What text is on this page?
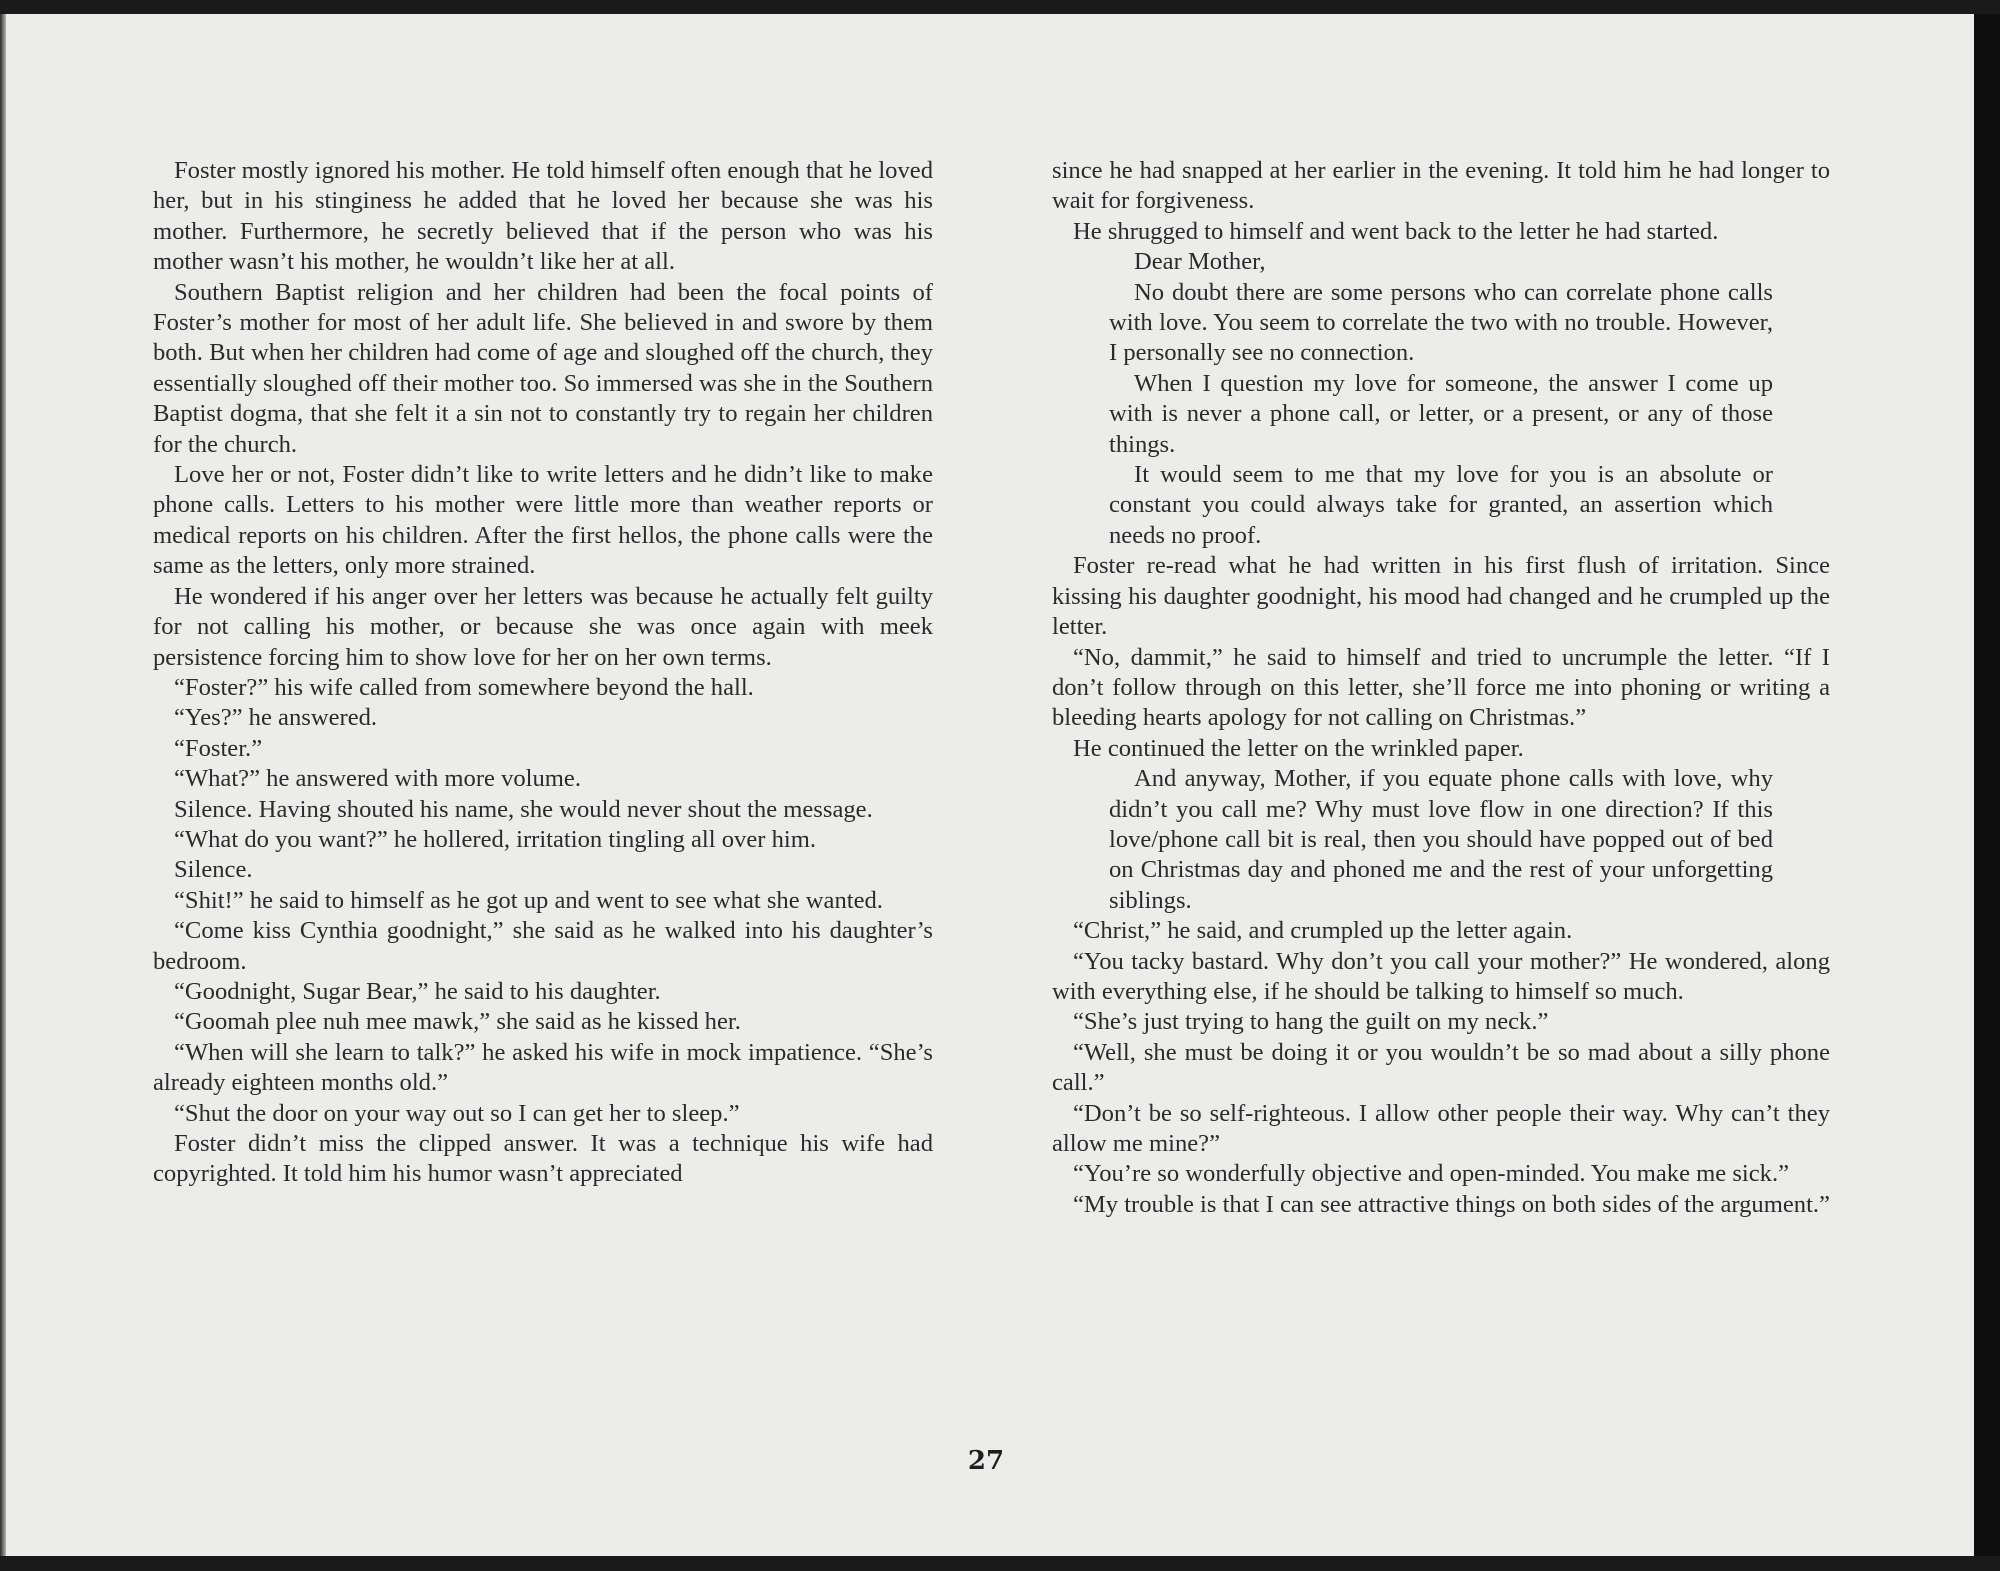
Foster mostly ignored his mother. He told himself often enough that he loved her, but in his stinginess he added that he loved her because she was his mother. Furthermore, he secretly believed that if the person who was his mother wasn’t his mother, he wouldn’t like her at all.

Southern Baptist religion and her children had been the focal points of Foster’s mother for most of her adult life. She believed in and swore by them both. But when her children had come of age and sloughed off the church, they essentially sloughed off their mother too. So immersed was she in the Southern Baptist dogma, that she felt it a sin not to constantly try to regain her children for the church.

Love her or not, Foster didn’t like to write letters and he didn’t like to make phone calls. Letters to his mother were little more than weather reports or medical reports on his children. After the first hellos, the phone calls were the same as the letters, only more strained.

He wondered if his anger over her letters was because he actually felt guilty for not calling his mother, or because she was once again with meek persistence forcing him to show love for her on her own terms.

“Foster?” his wife called from somewhere beyond the hall.

“Yes?” he answered.

“Foster.”

“What?” he answered with more volume.

Silence. Having shouted his name, she would never shout the message.

“What do you want?” he hollered, irritation tingling all over him.

Silence.

“Shit!” he said to himself as he got up and went to see what she wanted.

“Come kiss Cynthia goodnight,” she said as he walked into his daughter’s bedroom.

“Goodnight, Sugar Bear,” he said to his daughter.

“Goomah plee nuh mee mawk,” she said as he kissed her.

“When will she learn to talk?” he asked his wife in mock impatience. “She’s already eighteen months old.”

“Shut the door on your way out so I can get her to sleep.”

Foster didn’t miss the clipped answer. It was a technique his wife had copyrighted. It told him his humor wasn’t appreciated

since he had snapped at her earlier in the evening. It told him he had longer to wait for forgiveness.

He shrugged to himself and went back to the letter he had started.

Dear Mother,

No doubt there are some persons who can correlate phone calls with love. You seem to correlate the two with no trouble. However, I personally see no connection.

When I question my love for someone, the answer I come up with is never a phone call, or letter, or a present, or any of those things.

It would seem to me that my love for you is an absolute or constant you could always take for granted, an assertion which needs no proof.

Foster re-read what he had written in his first flush of irritation. Since kissing his daughter goodnight, his mood had changed and he crumpled up the letter.

“No, dammit,” he said to himself and tried to uncrumple the letter. “If I don’t follow through on this letter, she’ll force me into phoning or writing a bleeding hearts apology for not calling on Christmas.”

He continued the letter on the wrinkled paper.

And anyway, Mother, if you equate phone calls with love, why didn’t you call me? Why must love flow in one direction? If this love/phone call bit is real, then you should have popped out of bed on Christmas day and phoned me and the rest of your unforgetting siblings.

“Christ,” he said, and crumpled up the letter again.

“You tacky bastard. Why don’t you call your mother?” He wondered, along with everything else, if he should be talking to himself so much.

“She’s just trying to hang the guilt on my neck.”

“Well, she must be doing it or you wouldn’t be so mad about a silly phone call.”

“Don’t be so self-righteous. I allow other people their way. Why can’t they allow me mine?”

“You’re so wonderfully objective and open-minded. You make me sick.”

“My trouble is that I can see attractive things on both sides of the argument.”

27
